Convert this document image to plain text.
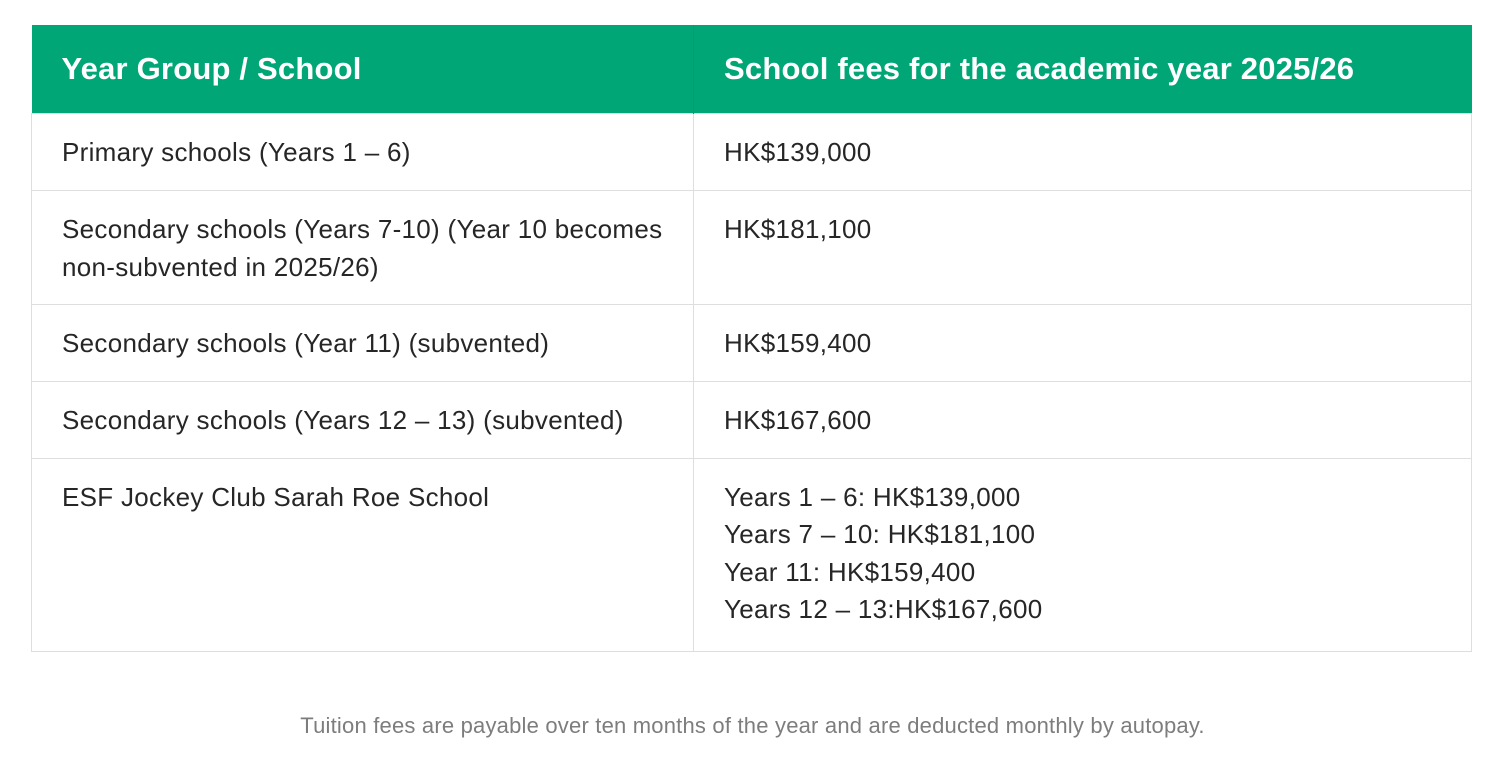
Year Group / School	School fees for the academic year 2025/26
Primary schools (Years 1 – 6)	HK$139,000
Secondary schools (Years 7-10) (Year 10 becomes non-subvented in 2025/26)	HK$181,100
Secondary schools (Year 11) (subvented)	HK$159,400
Secondary schools (Years 12 – 13) (subvented)	HK$167,600
ESF Jockey Club Sarah Roe School	Years 1 – 6: HK$139,000
Years 7 – 10: HK$181,100
Year 11: HK$159,400
Years 12 – 13:HK$167,600
Tuition fees are payable over ten months of the year and are deducted monthly by autopay.
